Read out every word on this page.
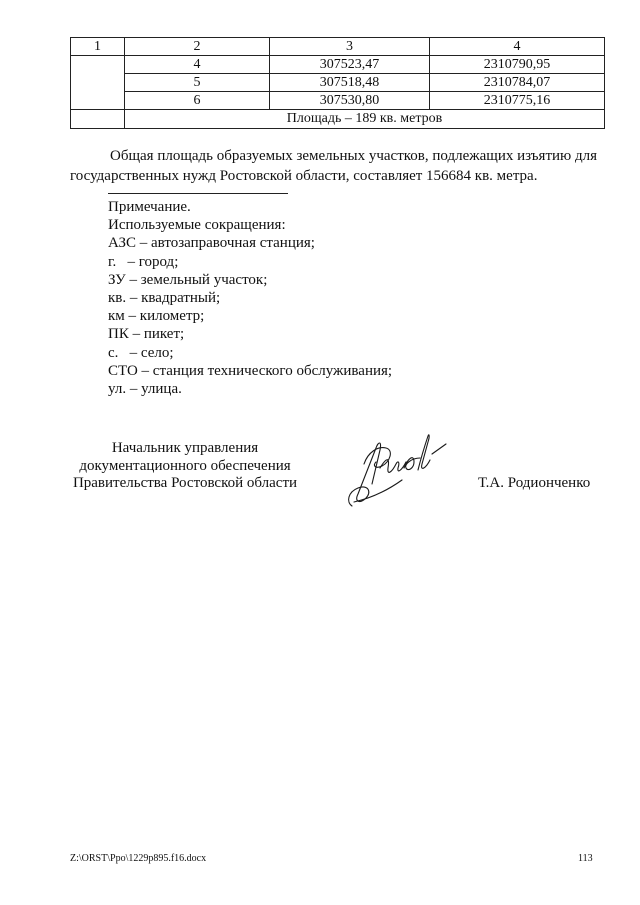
1	2	3	4
	4	307523,47	2310790,95
	5	307518,48	2310784,07
	6	307530,80	2310775,16
	Площадь – 189 кв. метров		

Общая площадь образуемых земельных участков, подлежащих изъятию для государственных нужд Ростовской области, составляет 156684 кв. метра.

Примечание.
Используемые сокращения:
АЗС – автозаправочная станция;
г.   – город;
ЗУ – земельный участок;
кв. – квадратный;
км – километр;
ПК – пикет;
с.   – село;
СТО – станция технического обслуживания;
ул. – улица.
Начальник управления
документационного обеспечения
Правительства Ростовской области	Т.А. Родионченко
Z:\ORST\Ppo\1229p895.f16.docx	113
